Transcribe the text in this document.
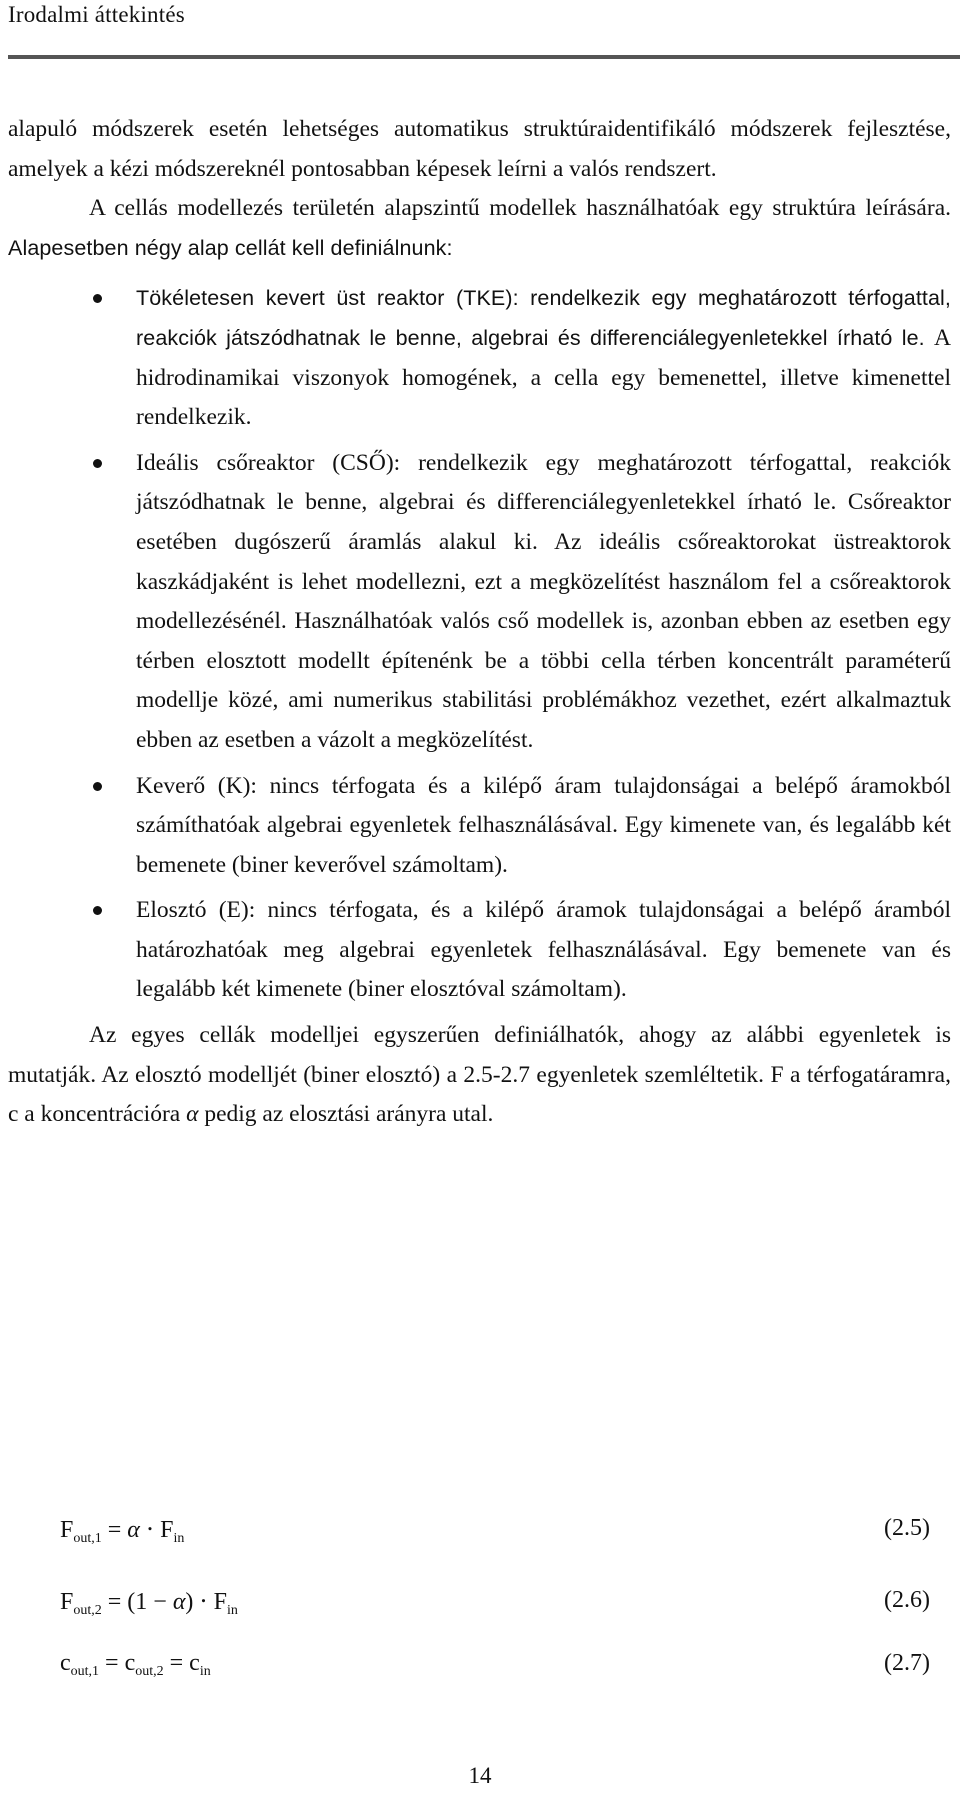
Irodalmi áttekintés

alapuló módszerek esetén lehetséges automatikus struktúraidentifikáló módszerek fejlesztése, amelyek a kézi módszereknél pontosabban képesek leírni a valós rendszert.

A cellás modellezés területén alapszintű modellek használhatóak egy struktúra leírására. Alapesetben négy alap cellát kell definiálnunk:

Tökéletesen kevert üst reaktor (TKE): rendelkezik egy meghatározott térfogattal, reakciók játszódhatnak le benne, algebrai és differenciálegyenletekkel írható le. A hidrodinamikai viszonyok homogének, a cella egy bemenettel, illetve kimenettel rendelkezik.
Ideális csőreaktor (CSŐ): rendelkezik egy meghatározott térfogattal, reakciók játszódhatnak le benne, algebrai és differenciálegyenletekkel írható le. Csőreaktor esetében dugószerű áramlás alakul ki. Az ideális csőreaktorokat üstreaktorok kaszkádjaként is lehet modellezni, ezt a megközelítést használom fel a csőreaktorok modellezésénél. Használhatóak valós cső modellek is, azonban ebben az esetben egy térben elosztott modellt építenénk be a többi cella térben koncentrált paraméterű modellje közé, ami numerikus stabilitási problémákhoz vezethet, ezért alkalmaztuk ebben az esetben a vázolt a megközelítést.
Keverő (K): nincs térfogata és a kilépő áram tulajdonságai a belépő áramokból számíthatóak algebrai egyenletek felhasználásával. Egy kimenete van, és legalább két bemenete (biner keverővel számoltam).
Elosztó (E): nincs térfogata, és a kilépő áramok tulajdonságai a belépő áramból határozhatóak meg algebrai egyenletek felhasználásával. Egy bemenete van és legalább két kimenete (biner elosztóval számoltam).

Az egyes cellák modelljei egyszerűen definiálhatók, ahogy az alábbi egyenletek is mutatják. Az elosztó modelljét (biner elosztó) a 2.5-2.7 egyenletek szemléltetik. F a térfogatáramra, c a koncentrációra α pedig az elosztási arányra utal.

$F_{out,1} = \alpha \cdot F_{in}$	(2.5)
$F_{out,2} = (1 - \alpha) \cdot F_{in}$	(2.6)
$c_{out,1} = c_{out,2} = c_{in}$	(2.7)
14
